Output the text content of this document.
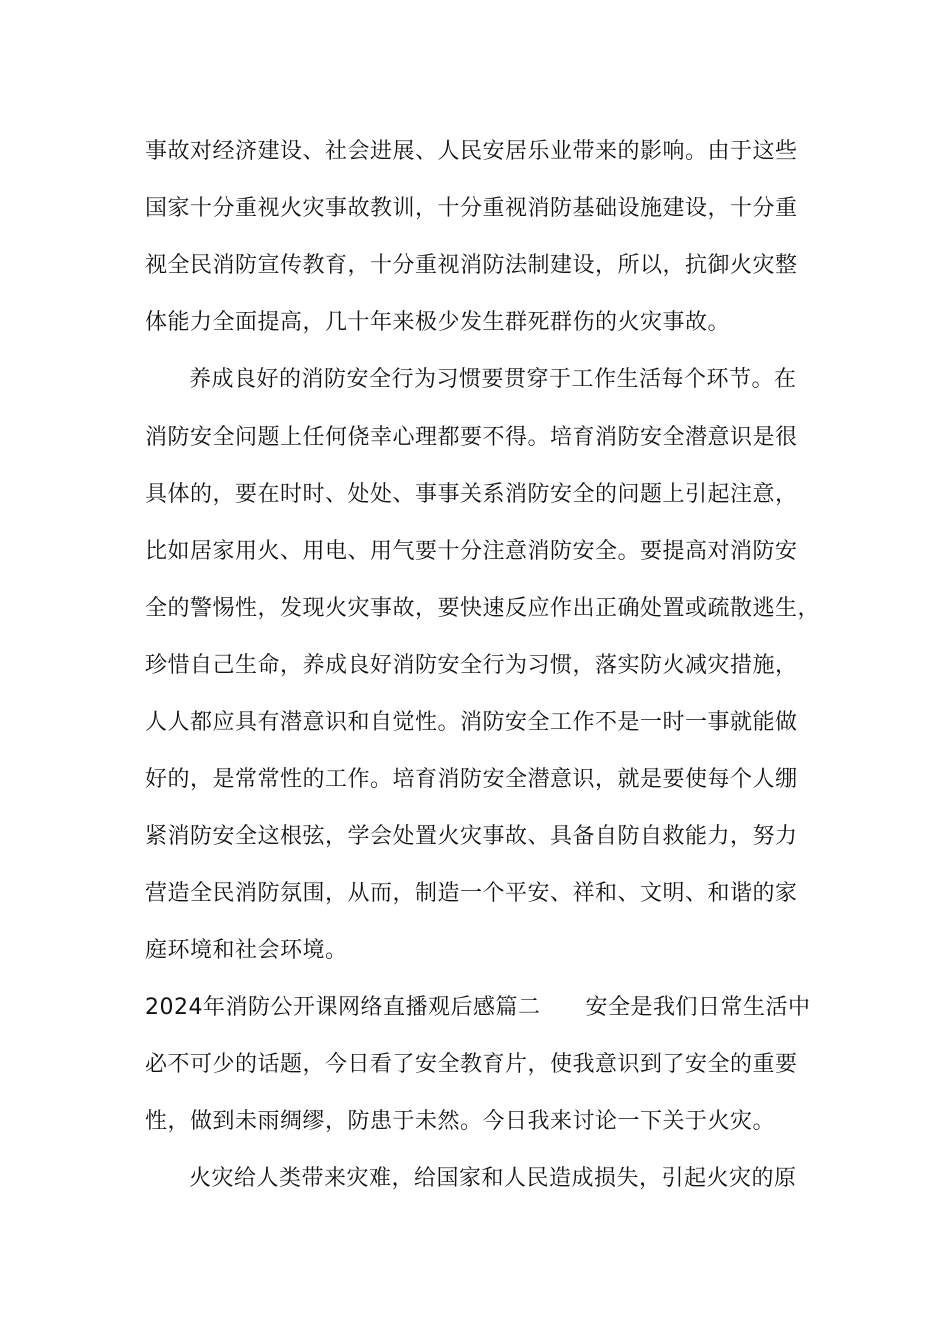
事故对经济建设、社会进展、人民安居乐业带来的影响。由于这些
国家十分重视火灾事故教训，十分重视消防基础设施建设，十分重
视全民消防宣传教育，十分重视消防法制建设，所以，抗御火灾整
体能力全面提高，几十年来极少发生群死群伤的火灾事故。
养成良好的消防安全行为习惯要贯穿于工作生活每个环节。在
消防安全问题上任何侥幸心理都要不得。培育消防安全潜意识是很
具体的，要在时时、处处、事事关系消防安全的问题上引起注意，
比如居家用火、用电、用气要十分注意消防安全。要提高对消防安
全的警惕性，发现火灾事故，要快速反应作出正确处置或疏散逃生，
珍惜自己生命，养成良好消防安全行为习惯，落实防火减灾措施，
人人都应具有潜意识和自觉性。消防安全工作不是一时一事就能做
好的，是常常性的工作。培育消防安全潜意识，就是要使每个人绷
紧消防安全这根弦，学会处置火灾事故、具备自防自救能力，努力
营造全民消防氛围，从而，制造一个平安、祥和、文明、和谐的家
庭环境和社会环境。
2024年消防公开课网络直播观后感篇二　　安全是我们日常生活中
必不可少的话题，今日看了安全教育片，使我意识到了安全的重要
性，做到未雨绸缪，防患于未然。今日我来讨论一下关于火灾。
火灾给人类带来灾难，给国家和人民造成损失，引起火灾的原
